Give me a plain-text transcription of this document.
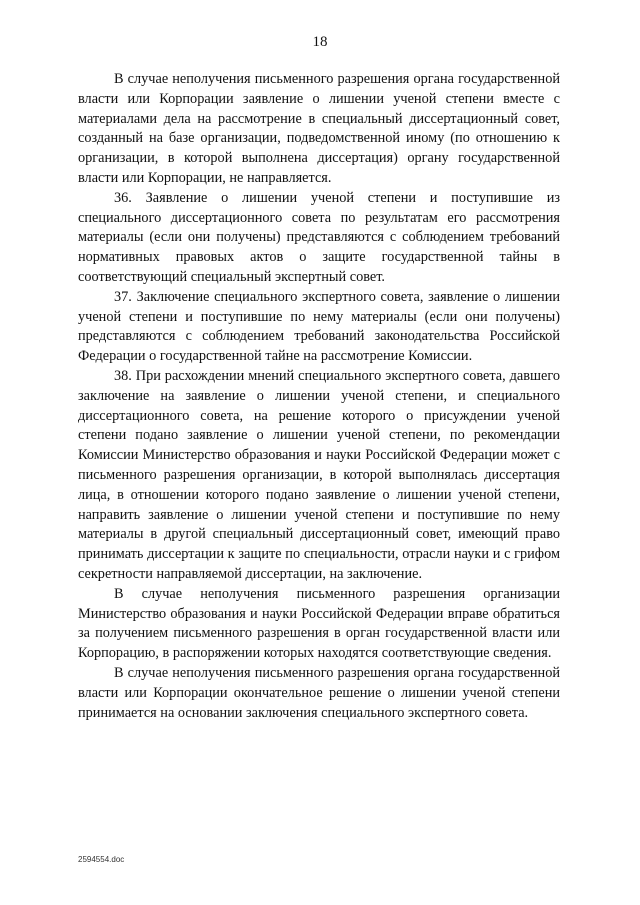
18

В случае неполучения письменного разрешения органа государственной власти или Корпорации заявление о лишении ученой степени вместе с материалами дела на рассмотрение в специальный диссертационный совет, созданный на базе организации, подведомственной иному (по отношению к организации, в которой выполнена диссертация) органу государственной власти или Корпорации, не направляется.

36. Заявление о лишении ученой степени и поступившие из специального диссертационного совета по результатам его рассмотрения материалы (если они получены) представляются с соблюдением требований нормативных правовых актов о защите государственной тайны в соответствующий специальный экспертный совет.

37. Заключение специального экспертного совета, заявление о лишении ученой степени и поступившие по нему материалы (если они получены) представляются с соблюдением требований законодательства Российской Федерации о государственной тайне на рассмотрение Комиссии.

38. При расхождении мнений специального экспертного совета, давшего заключение на заявление о лишении ученой степени, и специального диссертационного совета, на решение которого о присуждении ученой степени подано заявление о лишении ученой степени, по рекомендации Комиссии Министерство образования и науки Российской Федерации может с письменного разрешения организации, в которой выполнялась диссертация лица, в отношении которого подано заявление о лишении ученой степени, направить заявление о лишении ученой степени и поступившие по нему материалы в другой специальный диссертационный совет, имеющий право принимать диссертации к защите по специальности, отрасли науки и с грифом секретности направляемой диссертации, на заключение.

В случае неполучения письменного разрешения организации Министерство образования и науки Российской Федерации вправе обратиться за получением письменного разрешения в орган государственной власти или Корпорацию, в распоряжении которых находятся соответствующие сведения.

В случае неполучения письменного разрешения органа государственной власти или Корпорации окончательное решение о лишении ученой степени принимается на основании заключения специального экспертного совета.

2594554.doc
